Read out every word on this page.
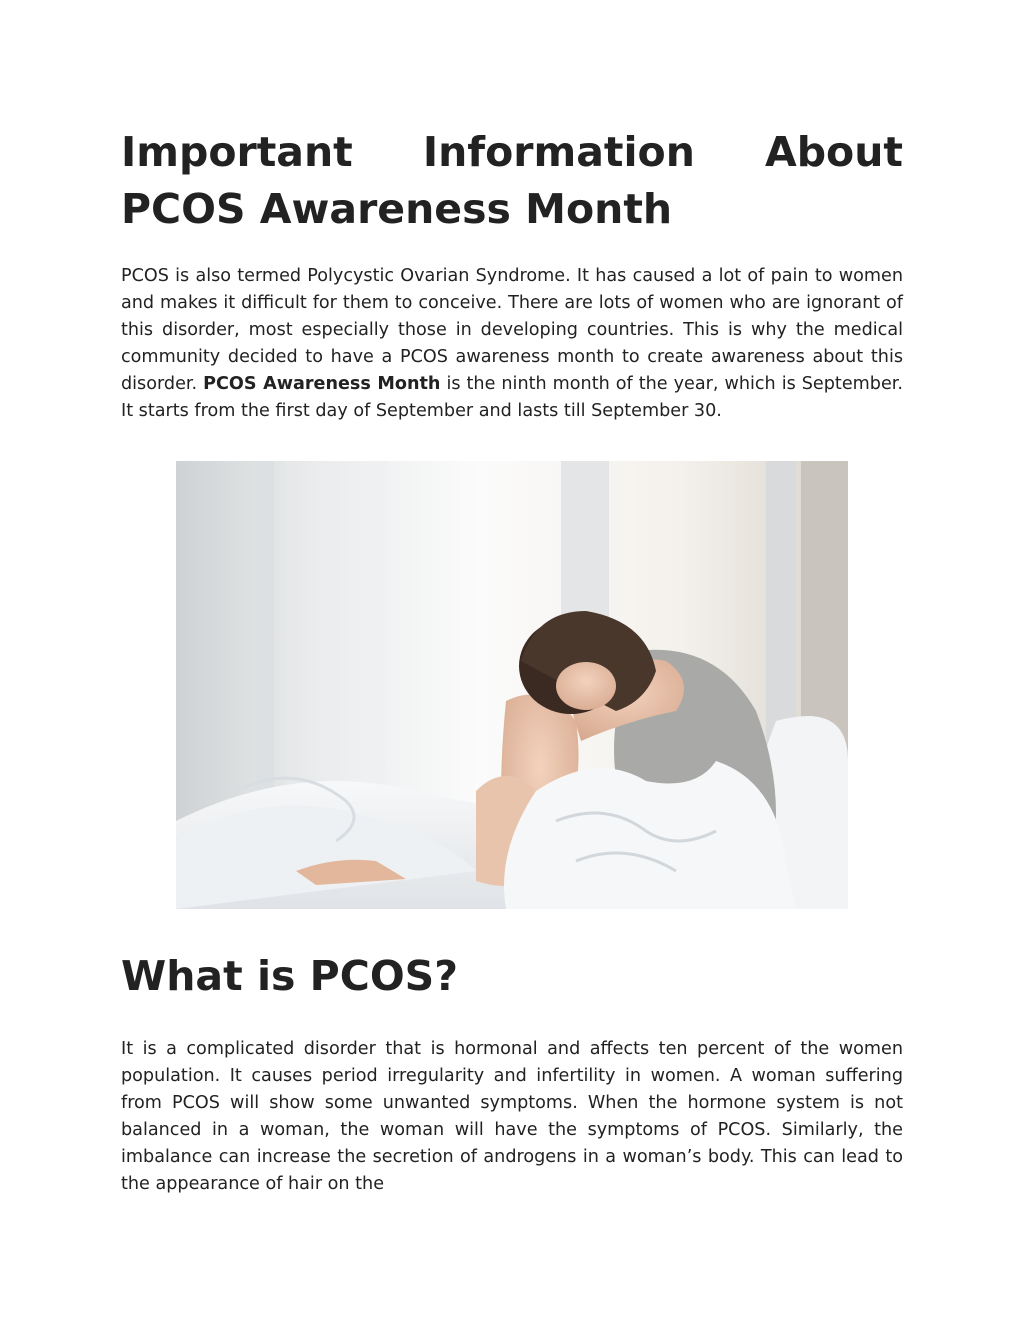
Important Information About
PCOS Awareness Month

PCOS is also termed Polycystic Ovarian Syndrome. It has caused a lot of pain to women and makes it difficult for them to conceive. There are lots of women who are ignorant of this disorder, most especially those in developing countries. This is why the medical community decided to have a PCOS awareness month to create awareness about this disorder. PCOS Awareness Month is the ninth month of the year, which is September. It starts from the first day of September and lasts till September 30.

What is PCOS?

It is a complicated disorder that is hormonal and affects ten percent of the women population. It causes period irregularity and infertility in women. A woman suffering from PCOS will show some unwanted symptoms. When the hormone system is not balanced in a woman, the woman will have the symptoms of PCOS. Similarly, the imbalance can increase the secretion of androgens in a woman’s body. This can lead to the appearance of hair on the
